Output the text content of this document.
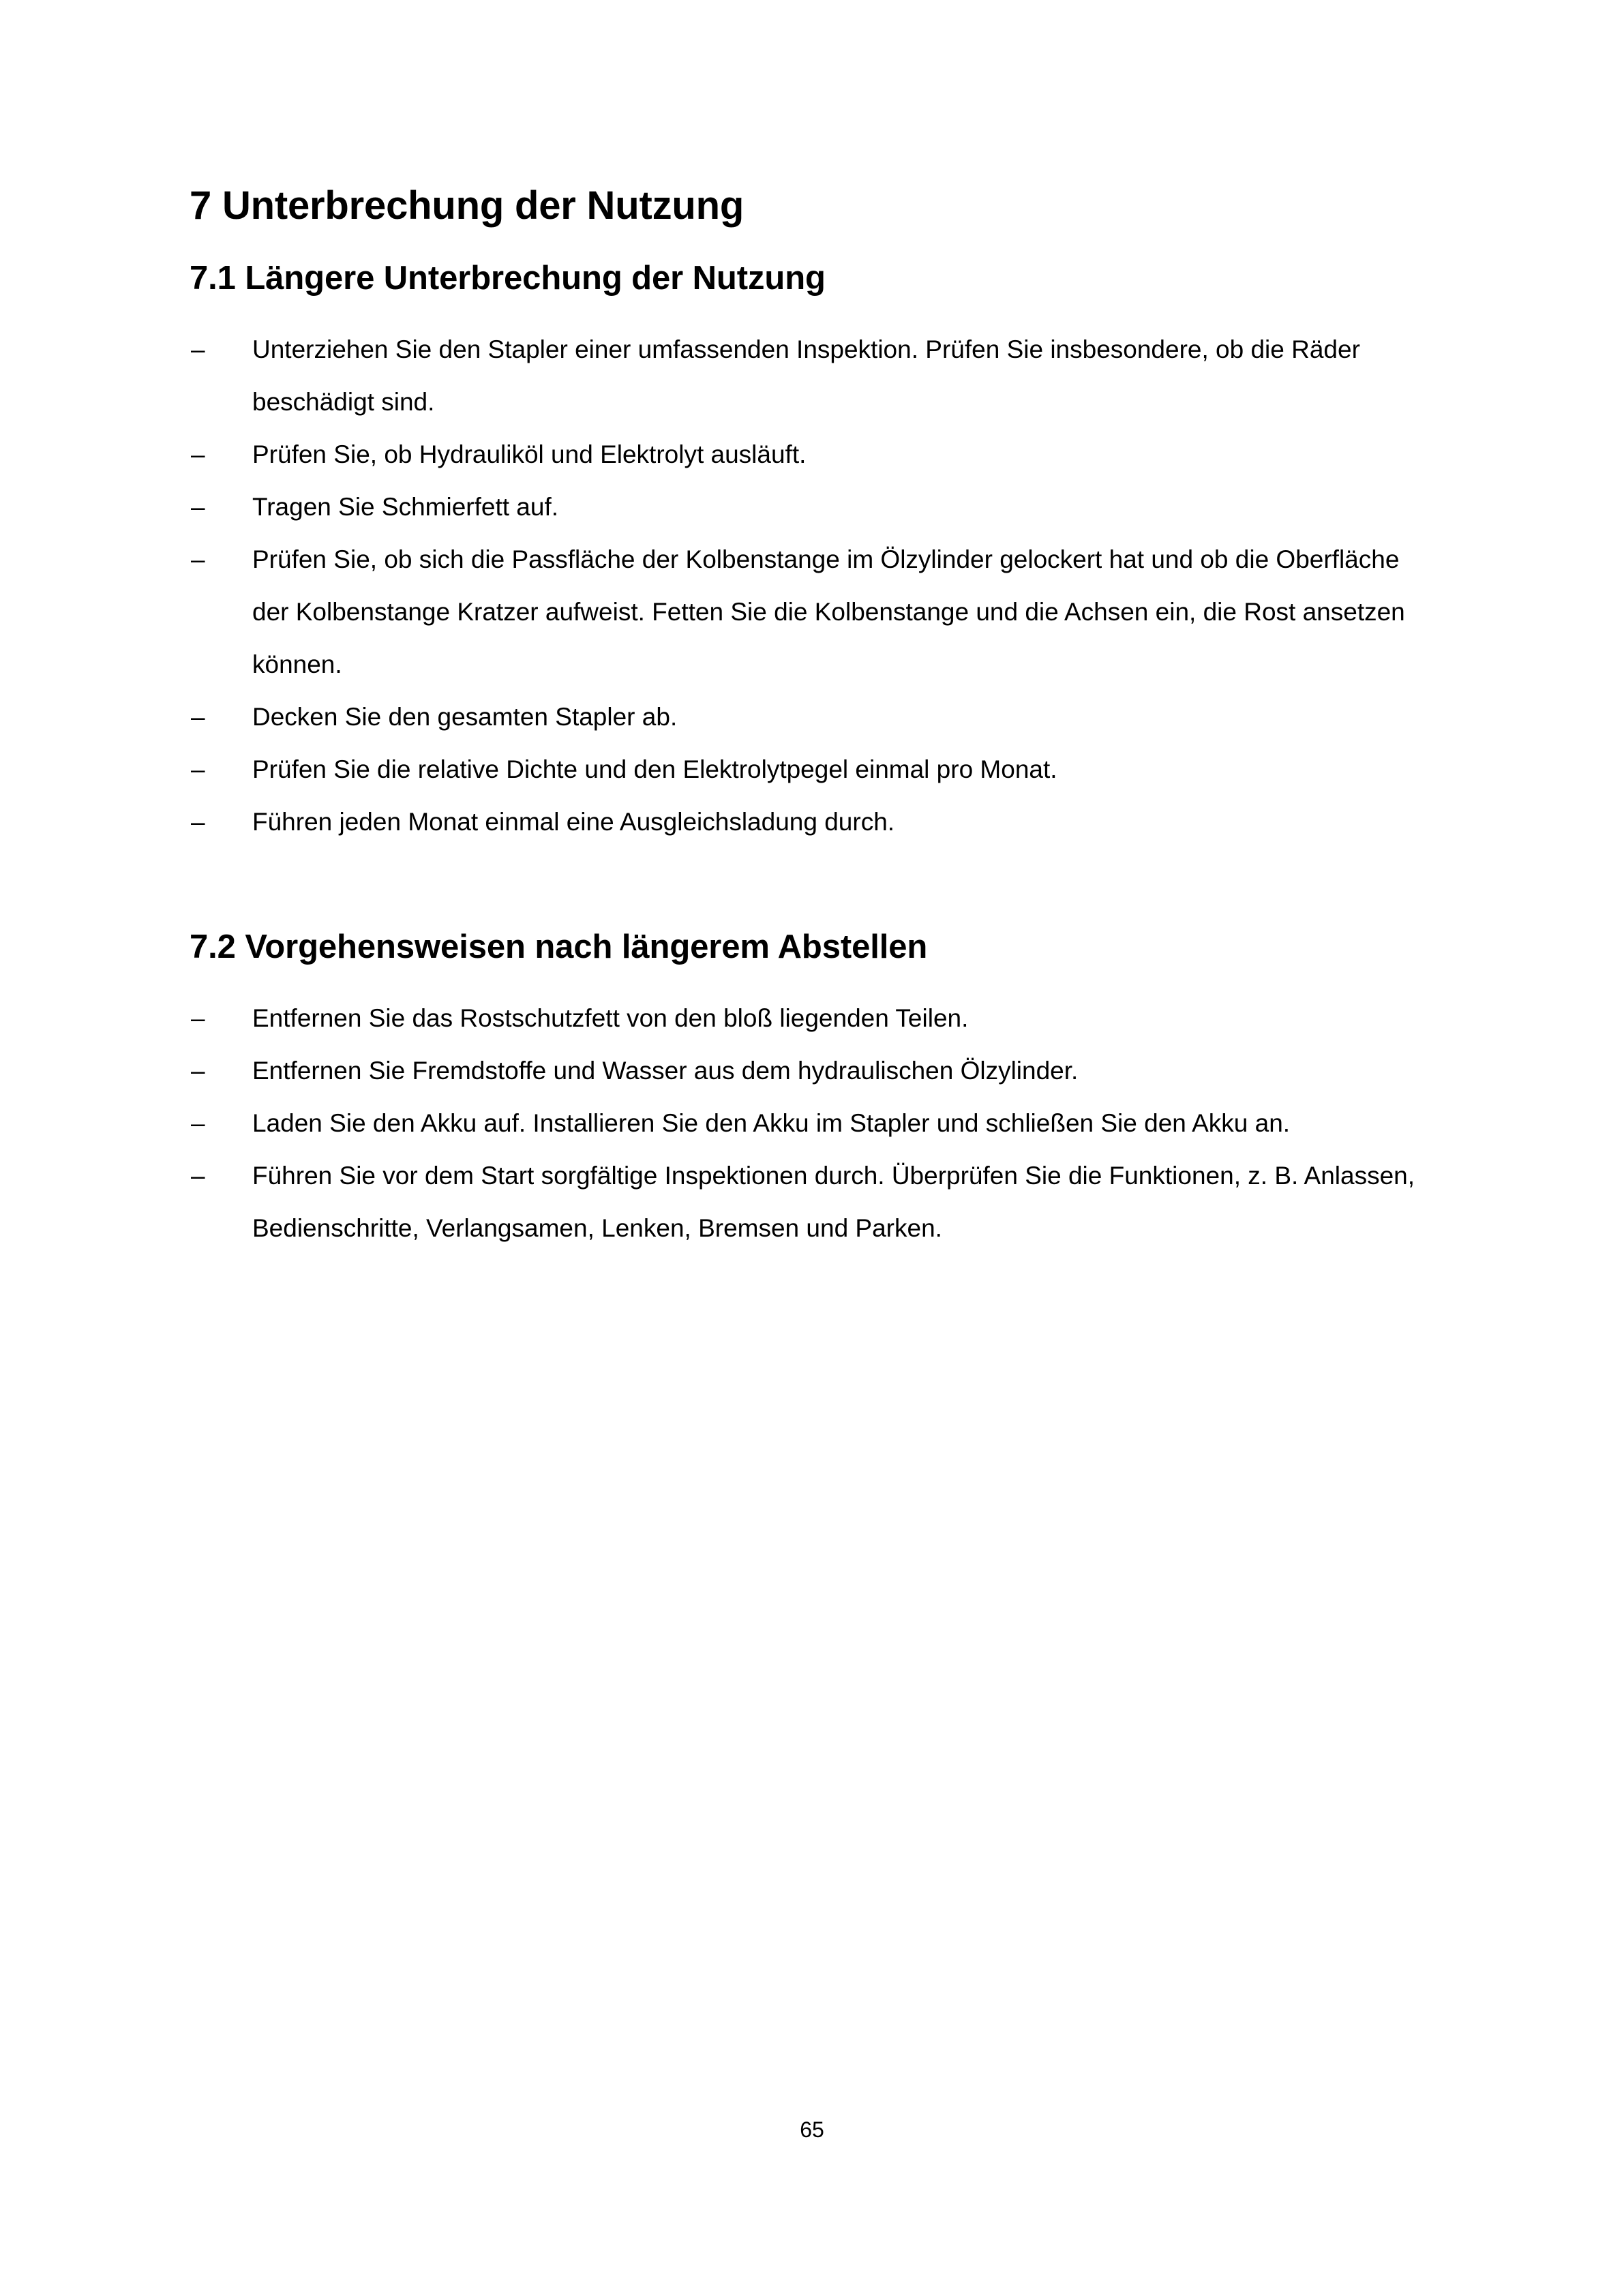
7 Unterbrechung der Nutzung
7.1 Längere Unterbrechung der Nutzung
– Unterziehen Sie den Stapler einer umfassenden Inspektion. Prüfen Sie insbesondere, ob die Räder beschädigt sind.
– Prüfen Sie, ob Hydrauliköl und Elektrolyt ausläuft.
– Tragen Sie Schmierfett auf.
– Prüfen Sie, ob sich die Passfläche der Kolbenstange im Ölzylinder gelockert hat und ob die Oberfläche der Kolbenstange Kratzer aufweist. Fetten Sie die Kolbenstange und die Achsen ein, die Rost ansetzen können.
– Decken Sie den gesamten Stapler ab.
– Prüfen Sie die relative Dichte und den Elektrolytpegel einmal pro Monat.
– Führen jeden Monat einmal eine Ausgleichsladung durch.
7.2 Vorgehensweisen nach längerem Abstellen
– Entfernen Sie das Rostschutzfett von den bloß liegenden Teilen.
– Entfernen Sie Fremdstoffe und Wasser aus dem hydraulischen Ölzylinder.
– Laden Sie den Akku auf. Installieren Sie den Akku im Stapler und schließen Sie den Akku an.
– Führen Sie vor dem Start sorgfältige Inspektionen durch. Überprüfen Sie die Funktionen, z. B. Anlassen, Bedienschritte, Verlangsamen, Lenken, Bremsen und Parken.
65
